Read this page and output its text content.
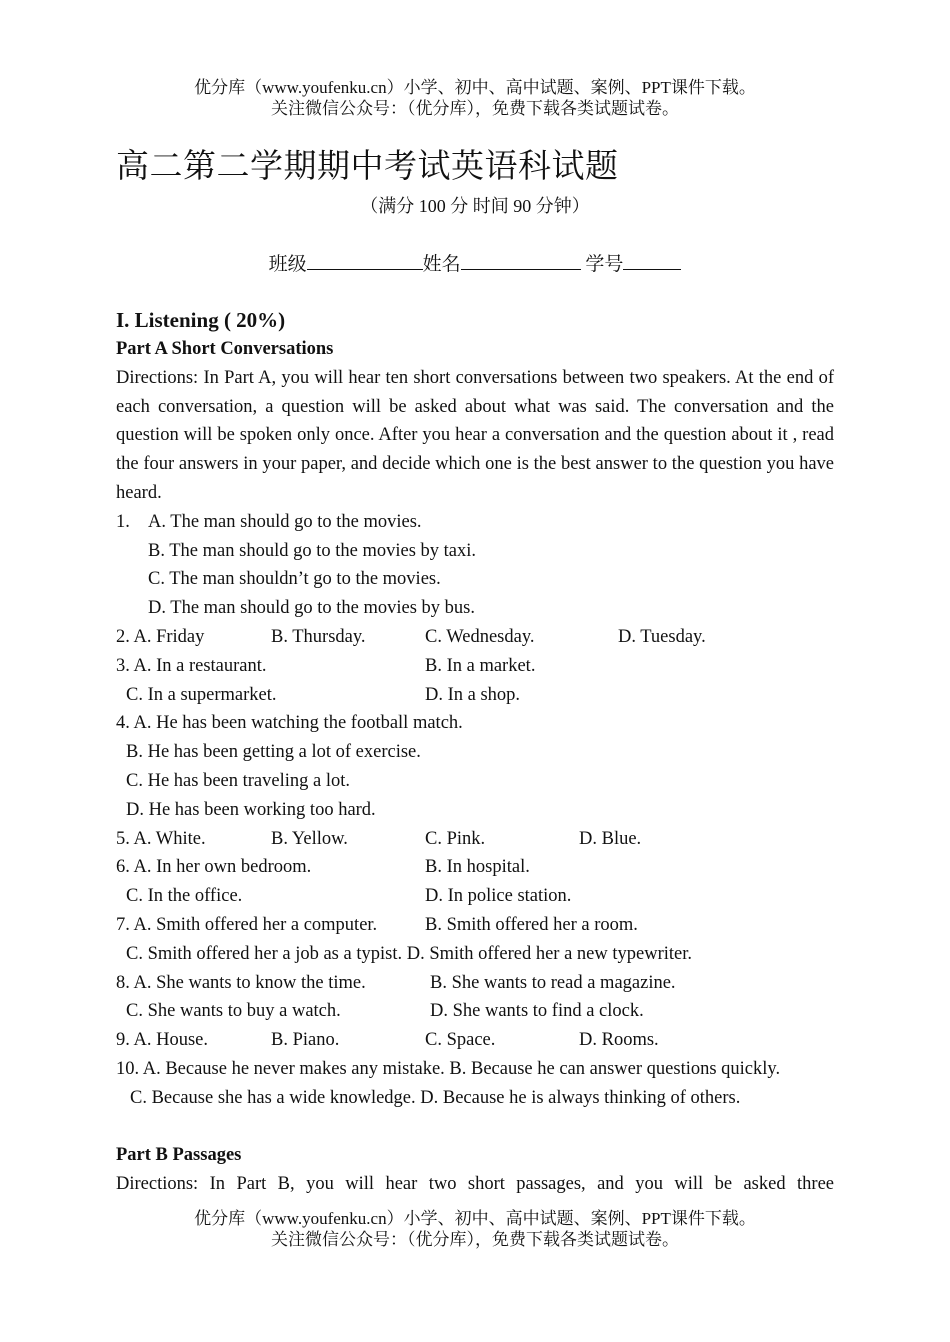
优分库（www.youfenku.cn）小学、初中、高中试题、案例、PPT课件下载。
关注微信公众号：（优分库），免费下载各类试题试卷。
高二第二学期期中考试英语科试题
（满分 100 分 时间 90 分钟）
班级	姓名	学号
I. Listening ( 20%)
Part A Short Conversations
Directions: In Part A, you will hear ten short conversations between two speakers. At the end of each conversation, a question will be asked about what was said. The conversation and the question will be spoken only once. After you hear a conversation and the question about it , read the four answers in your paper, and decide which one is the best answer to the question you have heard.
1. A. The man should go to the movies.
B. The man should go to the movies by taxi.
C. The man shouldn’t go to the movies.
D. The man should go to the movies by bus.
2. A. Friday	B. Thursday.	C. Wednesday.	D. Tuesday.
3. A. In a restaurant.	B. In a market.
C. In a supermarket.	D. In a shop.
4. A. He has been watching the football match.
B. He has been getting a lot of exercise.
C. He has been traveling a lot.
D. He has been working too hard.
5. A. White.	B. Yellow.	C. Pink.	D. Blue.
6. A. In her own bedroom.	B. In hospital.
C. In the office.	D. In police station.
7. A. Smith offered her a computer.	B. Smith offered her a room.
C. Smith offered her a job as a typist. D. Smith offered her a new typewriter.
8. A. She wants to know the time.	B. She wants to read a magazine.
C. She wants to buy a watch.	D. She wants to find a clock.
9. A. House.	B. Piano.	C. Space.	D. Rooms.
10. A. Because he never makes any mistake. B. Because he can answer questions quickly.
C. Because she has a wide knowledge. D. Because he is always thinking of others.
Part B Passages
Directions: In Part B, you will hear two short passages, and you will be asked three
优分库（www.youfenku.cn）小学、初中、高中试题、案例、PPT课件下载。
关注微信公众号：（优分库），免费下载各类试题试卷。
